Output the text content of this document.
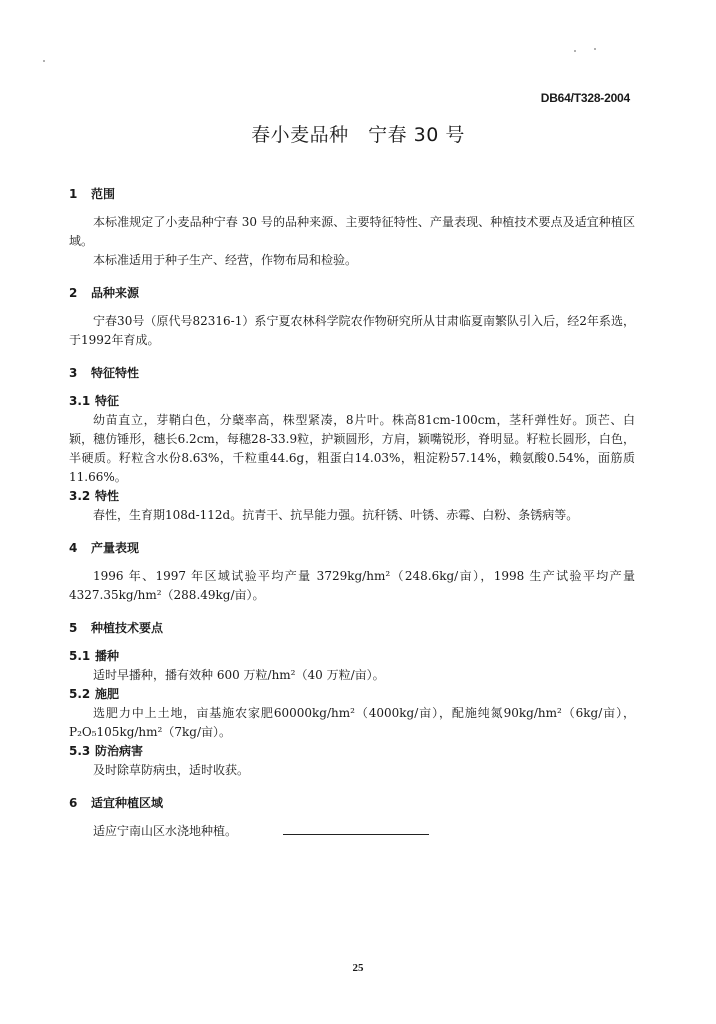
DB64/T328-2004
春小麦品种　宁春 30 号
1 范围

本标准规定了小麦品种宁春 30 号的品种来源、主要特征特性、产量表现、种植技术要点及适宜种植区域。

本标准适用于种子生产、经营，作物布局和检验。

2 品种来源

宁春30号（原代号82316-1）系宁夏农林科学院农作物研究所从甘肃临夏南繁队引入后，经2年系选，于1992年育成。

3 特征特性
3.1 特征

幼苗直立，芽鞘白色，分蘖率高，株型紧凑，8片叶。株高81cm-100cm，茎秆弹性好。顶芒、白颖，穗仿锤形，穗长6.2cm，每穗28-33.9粒，护颖圆形，方肩，颖嘴锐形，脊明显。籽粒长圆形，白色，半硬质。籽粒含水份8.63%，千粒重44.6g，粗蛋白14.03%，粗淀粉57.14%，赖氨酸0.54%，面筋质11.66%。

3.2 特性

春性，生育期108d-112d。抗青干、抗旱能力强。抗秆锈、叶锈、赤霉、白粉、条锈病等。

4 产量表现

1996 年、1997 年区域试验平均产量 3729kg/hm²（248.6kg/亩），1998 生产试验平均产量4327.35kg/hm²（288.49kg/亩）。

5 种植技术要点
5.1 播种

适时早播种，播有效种 600 万粒/hm²（40 万粒/亩）。

5.2 施肥

选肥力中上土地，亩基施农家肥60000kg/hm²（4000kg/亩），配施纯氮90kg/hm²（6kg/亩），P₂O₅105kg/hm²（7kg/亩）。

5.3 防治病害

及时除草防病虫，适时收获。

6 适宜种植区域

适应宁南山区水浇地种植。

25
